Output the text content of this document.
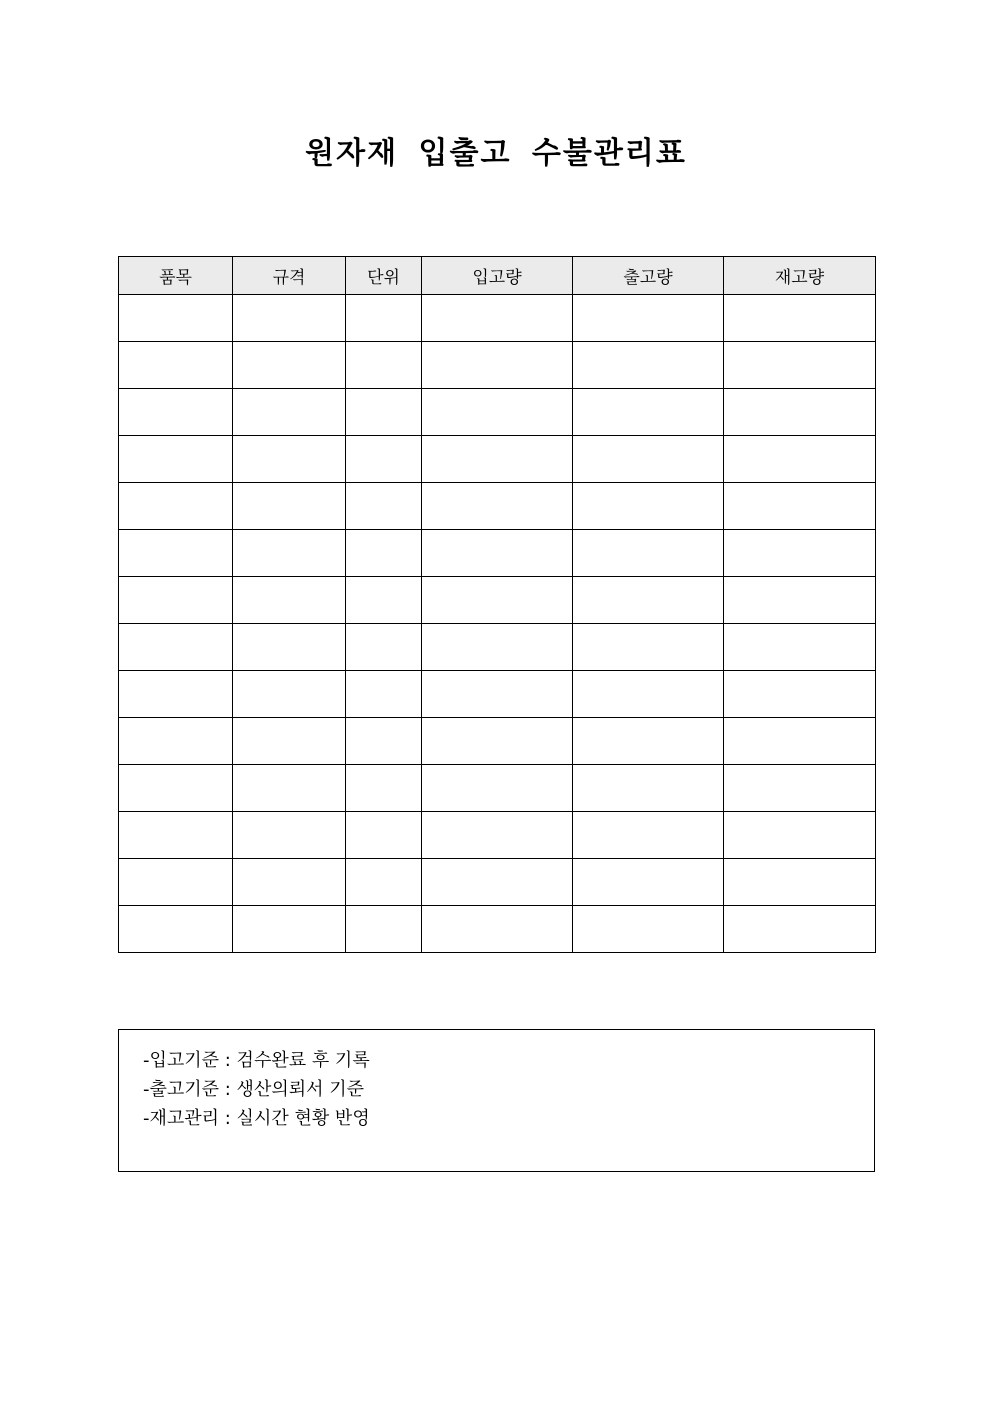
원자재 입출고 수불관리표
품목	규격	단위	입고량	출고량	재고량

-입고기준 : 검수완료 후 기록
-출고기준 : 생산의뢰서 기준
-재고관리 : 실시간 현황 반영
